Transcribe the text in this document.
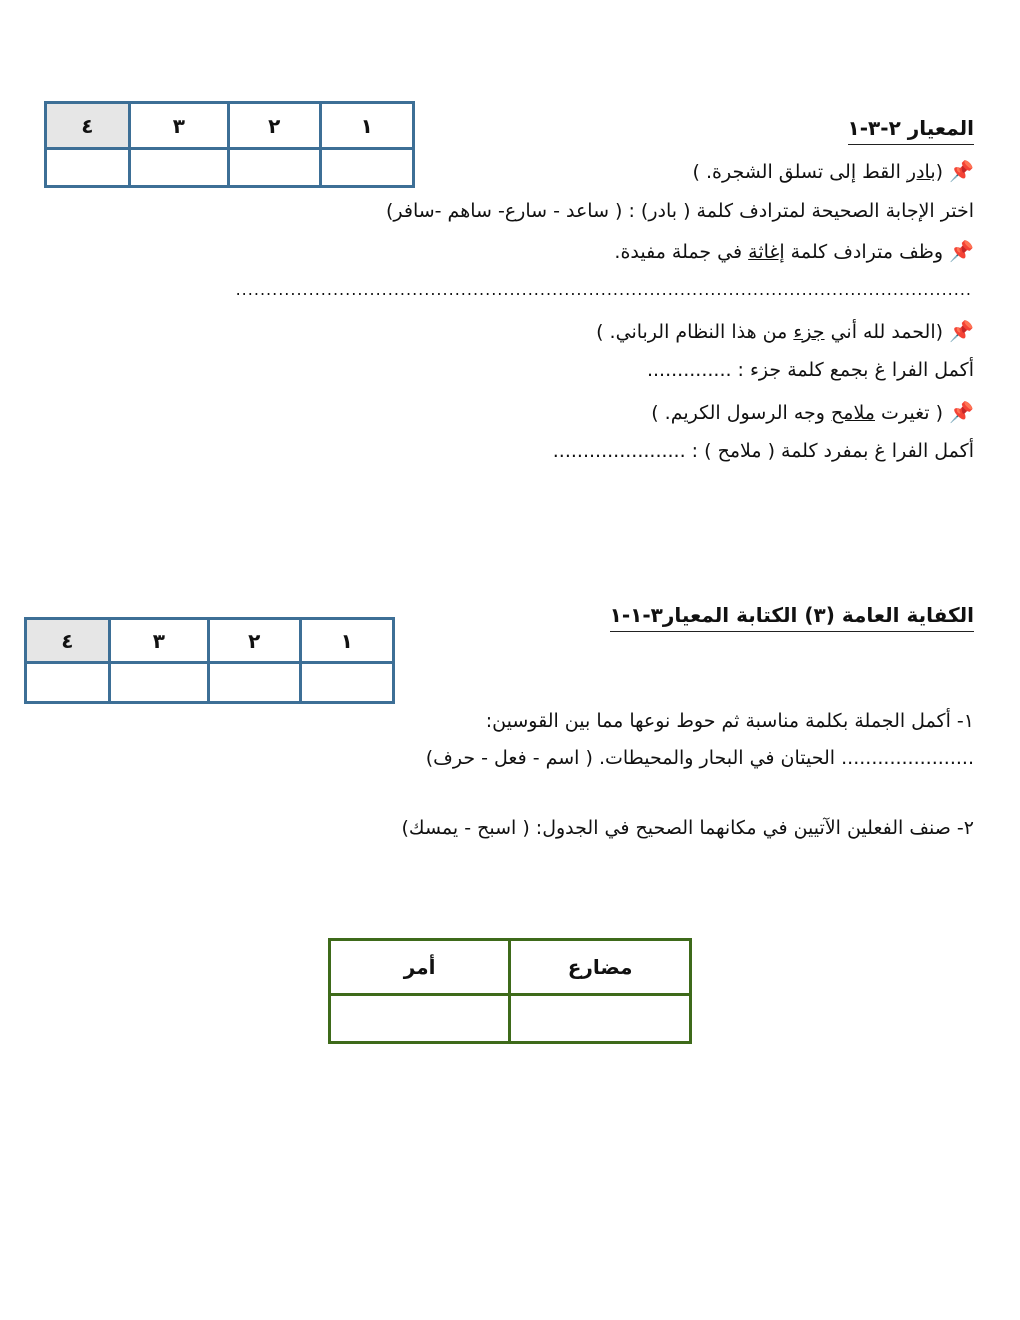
٤	٣	٢	١
				المعيار ٢-٣-١
📌 (بادر القط إلى تسلق الشجرة. )
اختر الإجابة الصحيحة لمترادف كلمة ( بادر) : ( ساعد - سارع- ساهم -سافر)
📌 وظف مترادف كلمة إغاثة في جملة مفيدة.
.........................................................................................................................
📌 (الحمد لله أني جزء من هذا النظام الرباني. )
أكمل الفرا غ بجمع كلمة جزء : ..............
📌 ( تغيرت ملامح وجه الرسول الكريم. )
أكمل الفرا غ بمفرد كلمة ( ملامح ) : ......................
٤	٣	٢	١

الكفاية العامة (٣) الكتابة المعيار٣-١-١
١- أكمل الجملة بكلمة مناسبة ثم حوط نوعها مما بين القوسين:
...................... الحيتان في البحار والمحيطات. ( اسم - فعل - حرف)
٢- صنف الفعلين الآتيين في مكانهما الصحيح في الجدول: ( اسبح - يمسك)
أمر	مضارع
